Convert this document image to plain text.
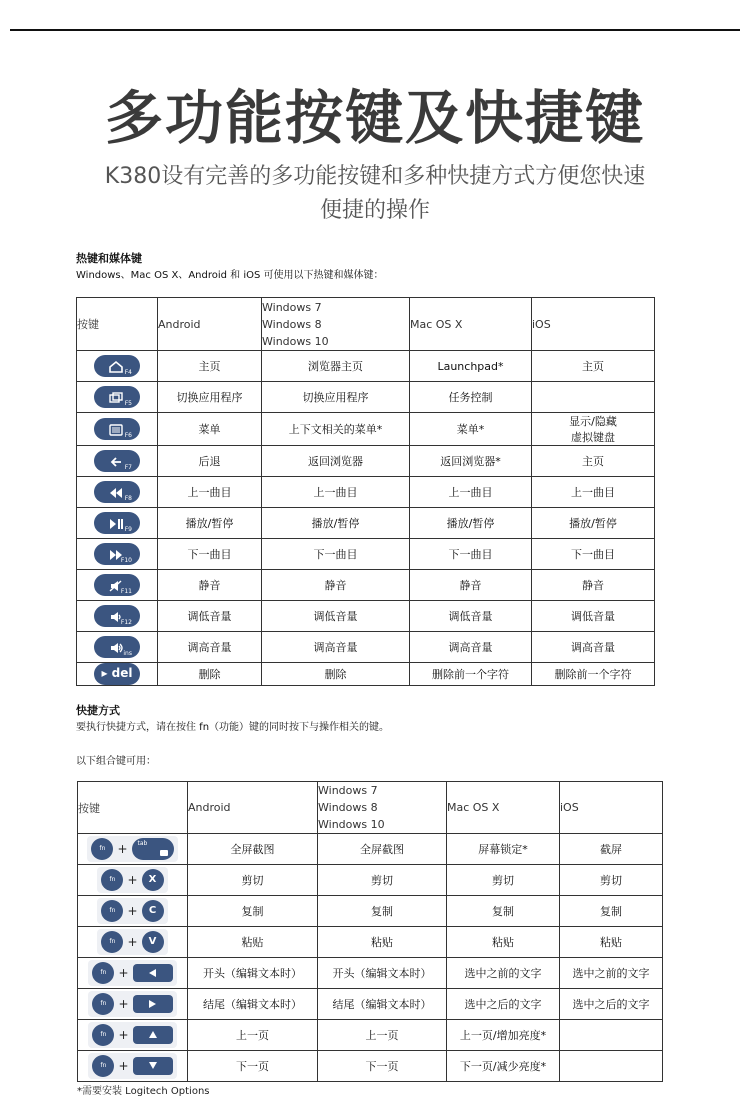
多功能按键及快捷键
K380设有完善的多功能按键和多种快捷方式方便您快速
便捷的操作
热键和媒体键
Windows、Mac OS X、Android 和 iOS 可使用以下热键和媒体键：
按键	Android	Windows 7
Windows 8
Windows 10	Mac OS X	iOS

F4	主页	浏览器主页	Launchpad*	主页

F5	切换应用程序	切换应用程序	任务控制	

F6	菜单	上下文相关的菜单*	菜单*	显示/隐藏
虚拟键盘

F7	后退	返回浏览器	返回浏览器*	主页

F8	上一曲目	上一曲目	上一曲目	上一曲目

F9	播放/暂停	播放/暂停	播放/暂停	播放/暂停

F10	下一曲目	下一曲目	下一曲目	下一曲目

F11	静音	静音	静音	静音

F12	调低音量	调低音量	调低音量	调低音量

ins	调高音量	调高音量	调高音量	调高音量

▸ del	删除	删除	删除前一个字符	删除前一个字符
快捷方式
要执行快捷方式，请在按住 fn（功能）键的同时按下与操作相关的键。
以下组合键可用：
按键	Android	Windows 7
Windows 8
Windows 10	Mac OS X	iOS

fn + tab	全屏截图	全屏截图	屏幕锁定*	截屏

fn + X	剪切	剪切	剪切	剪切

fn + C	复制	复制	复制	复制

fn + V	粘贴	粘贴	粘贴	粘贴

fn +	开头（编辑文本时）	开头（编辑文本时）	选中之前的文字	选中之前的文字

fn +	结尾（编辑文本时）	结尾（编辑文本时）	选中之后的文字	选中之后的文字

fn +	上一页	上一页	上一页/增加亮度*	

fn +	下一页	下一页	下一页/减少亮度*	
*需要安装 Logitech Options
